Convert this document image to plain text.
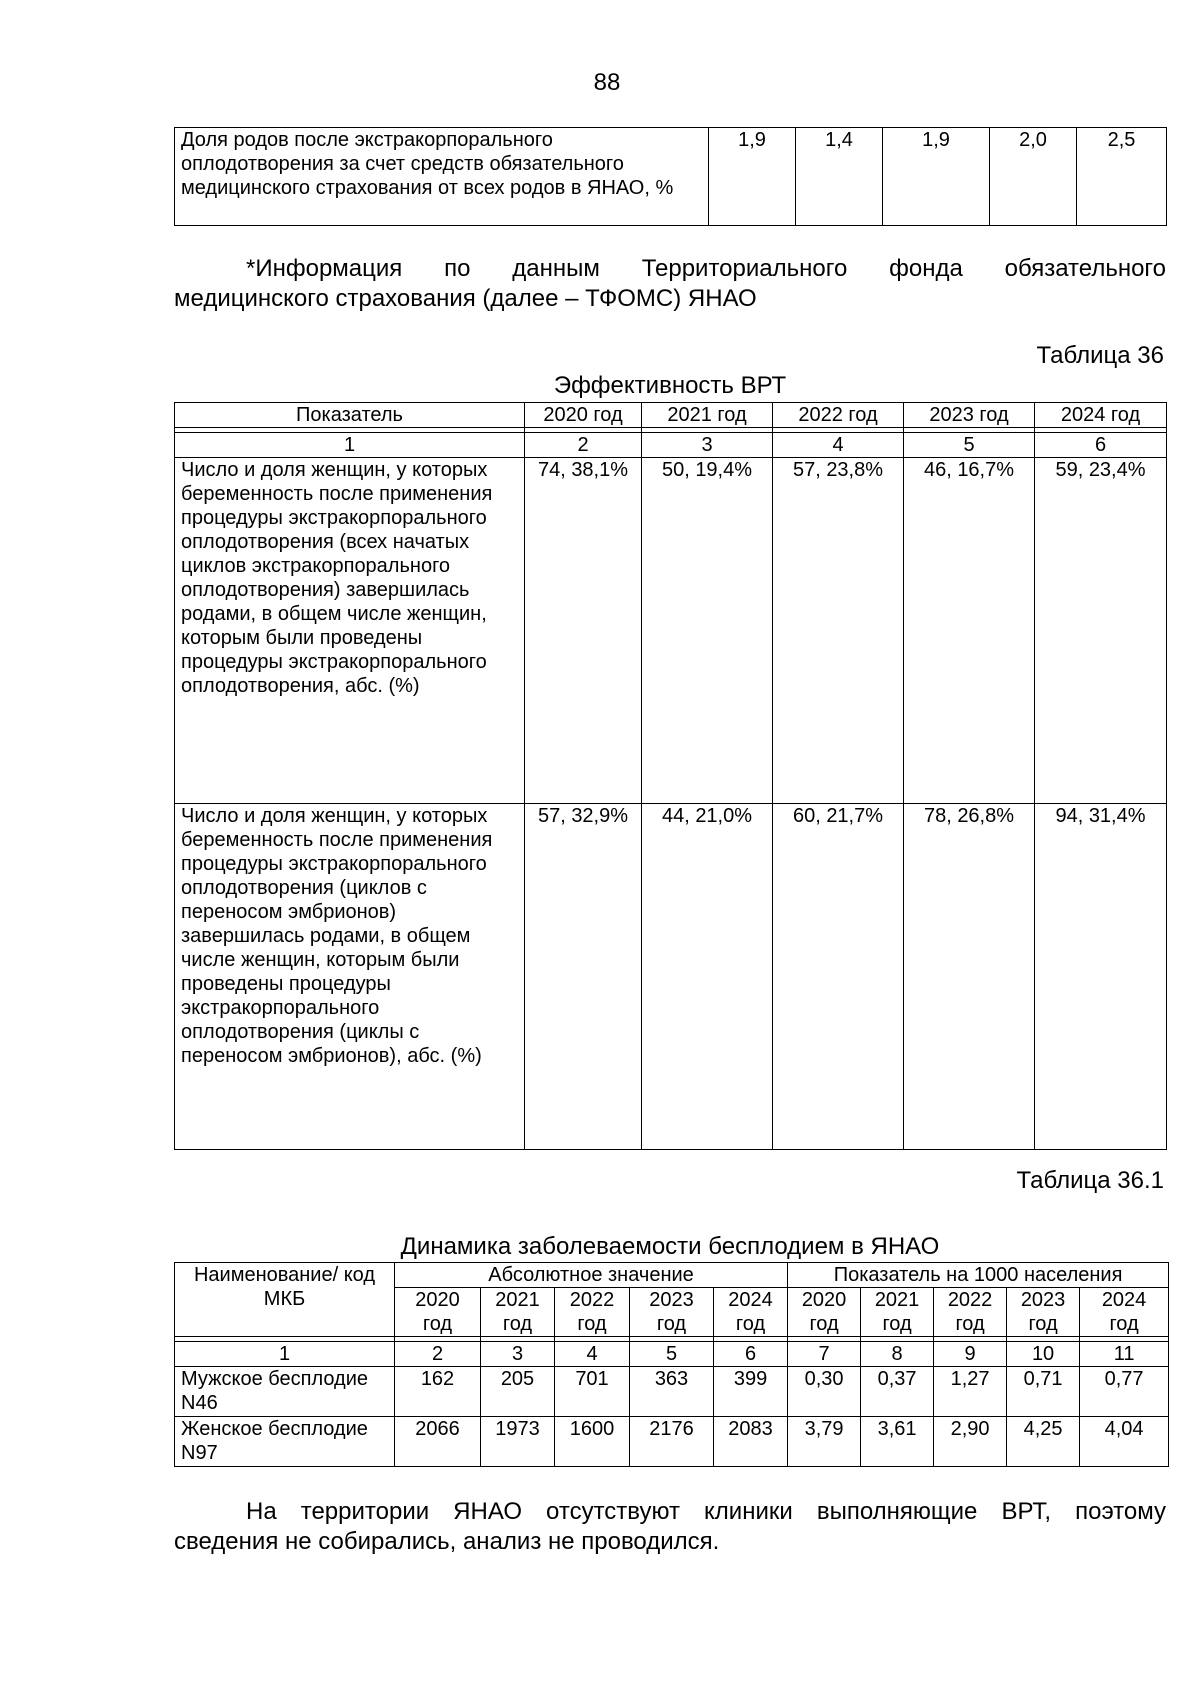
88
Доля родов после экстракорпорального оплодотворения за счет средств обязательного медицинского страхования от всех родов в ЯНАО, %	1,9	1,4	1,9	2,0	2,5
*Информация по данным Территориального фонда обязательного
медицинского страхования (далее – ТФОМС) ЯНАО
Таблица 36
Эффективность ВРТ
Показатель	2020 год	2021 год	2022 год	2023 год	2024 год

1	2	3	4	5	6
Число и доля женщин, у которых беременность после применения процедуры экстракорпорального оплодотворения (всех начатых циклов экстракорпорального оплодотворения) завершилась родами, в общем числе женщин, которым были проведены процедуры экстракорпорального оплодотворения, абс. (%)	74, 38,1%	50, 19,4%	57, 23,8%	46, 16,7%	59, 23,4%
Число и доля женщин, у которых беременность после применения процедуры экстракорпорального оплодотворения (циклов с переносом эмбрионов) завершилась родами, в общем числе женщин, которым были проведены процедуры экстракорпорального оплодотворения (циклы с переносом эмбрионов), абс. (%)	57, 32,9%	44, 21,0%	60, 21,7%	78, 26,8%	94, 31,4%
Таблица 36.1
Динамика заболеваемости бесплодием в ЯНАО
Наименование/ код МКБ	Абсолютное значение					Показатель на 1000 населения				
	2020 год	2021 год	2022 год	2023 год	2024 год	2020 год	2021 год	2022 год	2023 год	2024 год

1	2	3	4	5	6	7	8	9	10	11
Мужское бесплодие N46	162	205	701	363	399	0,30	0,37	1,27	0,71	0,77
Женское бесплодие N97	2066	1973	1600	2176	2083	3,79	3,61	2,90	4,25	4,04
На территории ЯНАО отсутствуют клиники выполняющие ВРТ, поэтому
сведения не собирались, анализ не проводился.
